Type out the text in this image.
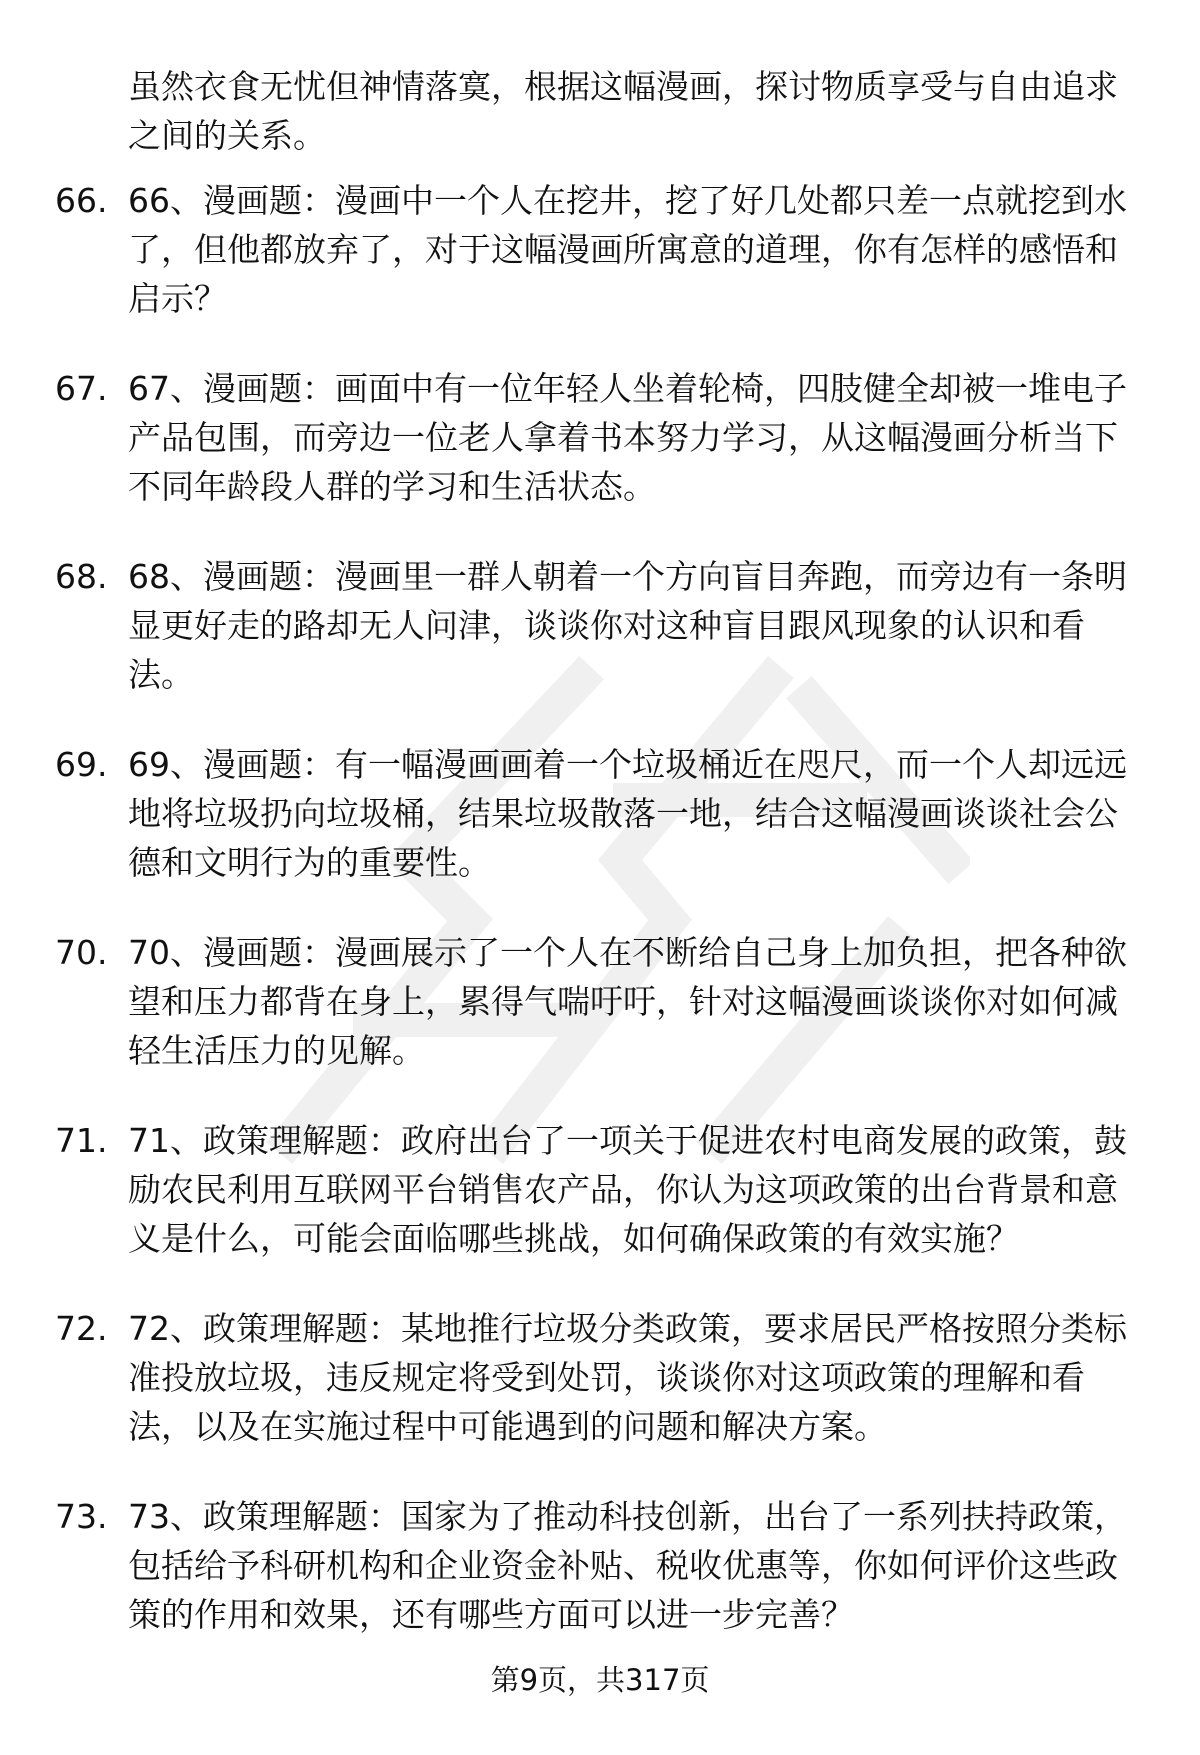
虽然衣食无忧但神情落寞，根据这幅漫画，探讨物质享受与自由追求之间的关系。
66. 66、漫画题：漫画中一个人在挖井，挖了好几处都只差一点就挖到水了，但他都放弃了，对于这幅漫画所寓意的道理，你有怎样的感悟和启示？
67. 67、漫画题：画面中有一位年轻人坐着轮椅，四肢健全却被一堆电子产品包围，而旁边一位老人拿着书本努力学习，从这幅漫画分析当下不同年龄段人群的学习和生活状态。
68. 68、漫画题：漫画里一群人朝着一个方向盲目奔跑，而旁边有一条明显更好走的路却无人问津，谈谈你对这种盲目跟风现象的认识和看法。
69. 69、漫画题：有一幅漫画画着一个垃圾桶近在咫尺，而一个人却远远地将垃圾扔向垃圾桶，结果垃圾散落一地，结合这幅漫画谈谈社会公德和文明行为的重要性。
70. 70、漫画题：漫画展示了一个人在不断给自己身上加负担，把各种欲望和压力都背在身上，累得气喘吁吁，针对这幅漫画谈谈你对如何减轻生活压力的见解。
71. 71、政策理解题：政府出台了一项关于促进农村电商发展的政策，鼓励农民利用互联网平台销售农产品，你认为这项政策的出台背景和意义是什么，可能会面临哪些挑战，如何确保政策的有效实施？
72. 72、政策理解题：某地推行垃圾分类政策，要求居民严格按照分类标准投放垃圾，违反规定将受到处罚，谈谈你对这项政策的理解和看法，以及在实施过程中可能遇到的问题和解决方案。
73. 73、政策理解题：国家为了推动科技创新，出台了一系列扶持政策，包括给予科研机构和企业资金补贴、税收优惠等，你如何评价这些政策的作用和效果，还有哪些方面可以进一步完善？
第9页，共317页
